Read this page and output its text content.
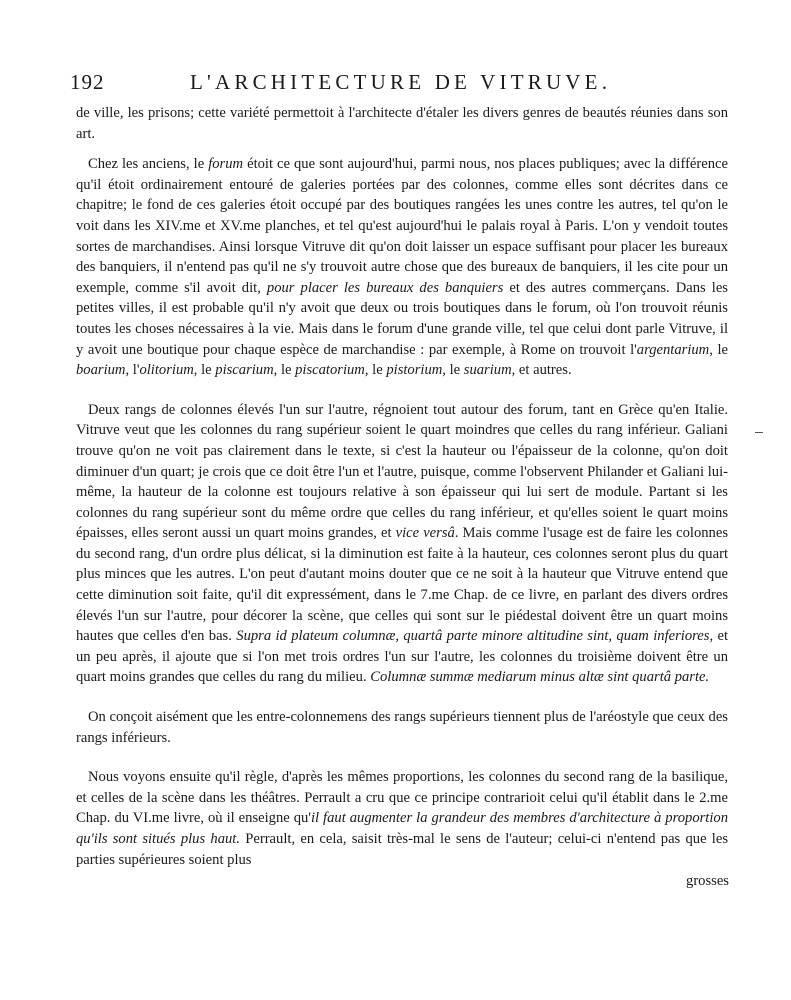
192	L'ARCHITECTURE DE VITRUVE.

de ville, les prisons; cette variété permettoit à l'architecte d'étaler les divers genres de beautés réunies dans son art.

Chez les anciens, le forum étoit ce que sont aujourd'hui, parmi nous, nos places publiques; avec la différence qu'il étoit ordinairement entouré de galeries portées par des colonnes, comme elles sont décrites dans ce chapitre; le fond de ces galeries étoit occupé par des boutiques rangées les unes contre les autres, tel qu'on le voit dans les XIV.me et XV.me planches, et tel qu'est aujourd'hui le palais royal à Paris. L'on y vendoit toutes sortes de marchandises. Ainsi lorsque Vitruve dit qu'on doit laisser un espace suffisant pour placer les bureaux des banquiers, il n'entend pas qu'il ne s'y trouvoit autre chose que des bureaux de banquiers, il les cite pour un exemple, comme s'il avoit dit, pour placer les bureaux des banquiers et des autres commerçans. Dans les petites villes, il est probable qu'il n'y avoit que deux ou trois boutiques dans le forum, où l'on trouvoit réunis toutes les choses nécessaires à la vie. Mais dans le forum d'une grande ville, tel que celui dont parle Vitruve, il y avoit une boutique pour chaque espèce de marchandise : par exemple, à Rome on trouvoit l'argentarium, le boarium, l'olitorium, le piscarium, le piscatorium, le pistorium, le suarium, et autres.

Deux rangs de colonnes élevés l'un sur l'autre, régnoient tout autour des forum, tant en Grèce qu'en Italie. Vitruve veut que les colonnes du rang supérieur soient le quart moindres que celles du rang inférieur. Galiani trouve qu'on ne voit pas clairement dans le texte, si c'est la hauteur ou l'épaisseur de la colonne, qu'on doit diminuer d'un quart; je crois que ce doit être l'un et l'autre, puisque, comme l'observent Philander et Galiani lui-même, la hauteur de la colonne est toujours relative à son épaisseur qui lui sert de module. Partant si les colonnes du rang supérieur sont du même ordre que celles du rang inférieur, et qu'elles soient le quart moins épaisses, elles seront aussi un quart moins grandes, et vice versâ. Mais comme l'usage est de faire les colonnes du second rang, d'un ordre plus délicat, si la diminution est faite à la hauteur, ces colonnes seront plus du quart plus minces que les autres. L'on peut d'autant moins douter que ce ne soit à la hauteur que Vitruve entend que cette diminution soit faite, qu'il dit expressément, dans le 7.me Chap. de ce livre, en parlant des divers ordres élevés l'un sur l'autre, pour décorer la scène, que celles qui sont sur le piédestal doivent être un quart moins hautes que celles d'en bas. Supra id plateum columnæ, quartâ parte minore altitudine sint, quam inferiores, et un peu après, il ajoute que si l'on met trois ordres l'un sur l'autre, les colonnes du troisième doivent être un quart moins grandes que celles du rang du milieu. Columnæ summæ mediarum minus altæ sint quartâ parte.

On conçoit aisément que les entre-colonnemens des rangs supérieurs tiennent plus de l'aréostyle que ceux des rangs inférieurs.

Nous voyons ensuite qu'il règle, d'après les mêmes proportions, les colonnes du second rang de la basilique, et celles de la scène dans les théâtres. Perrault a cru que ce principe contrarioit celui qu'il établit dans le 2.me Chap. du VI.me livre, où il enseigne qu'il faut augmenter la grandeur des membres d'architecture à proportion qu'ils sont situés plus haut. Perrault, en cela, saisit très-mal le sens de l'auteur; celui-ci n'entend pas que les parties supérieures soient plus

grosses
